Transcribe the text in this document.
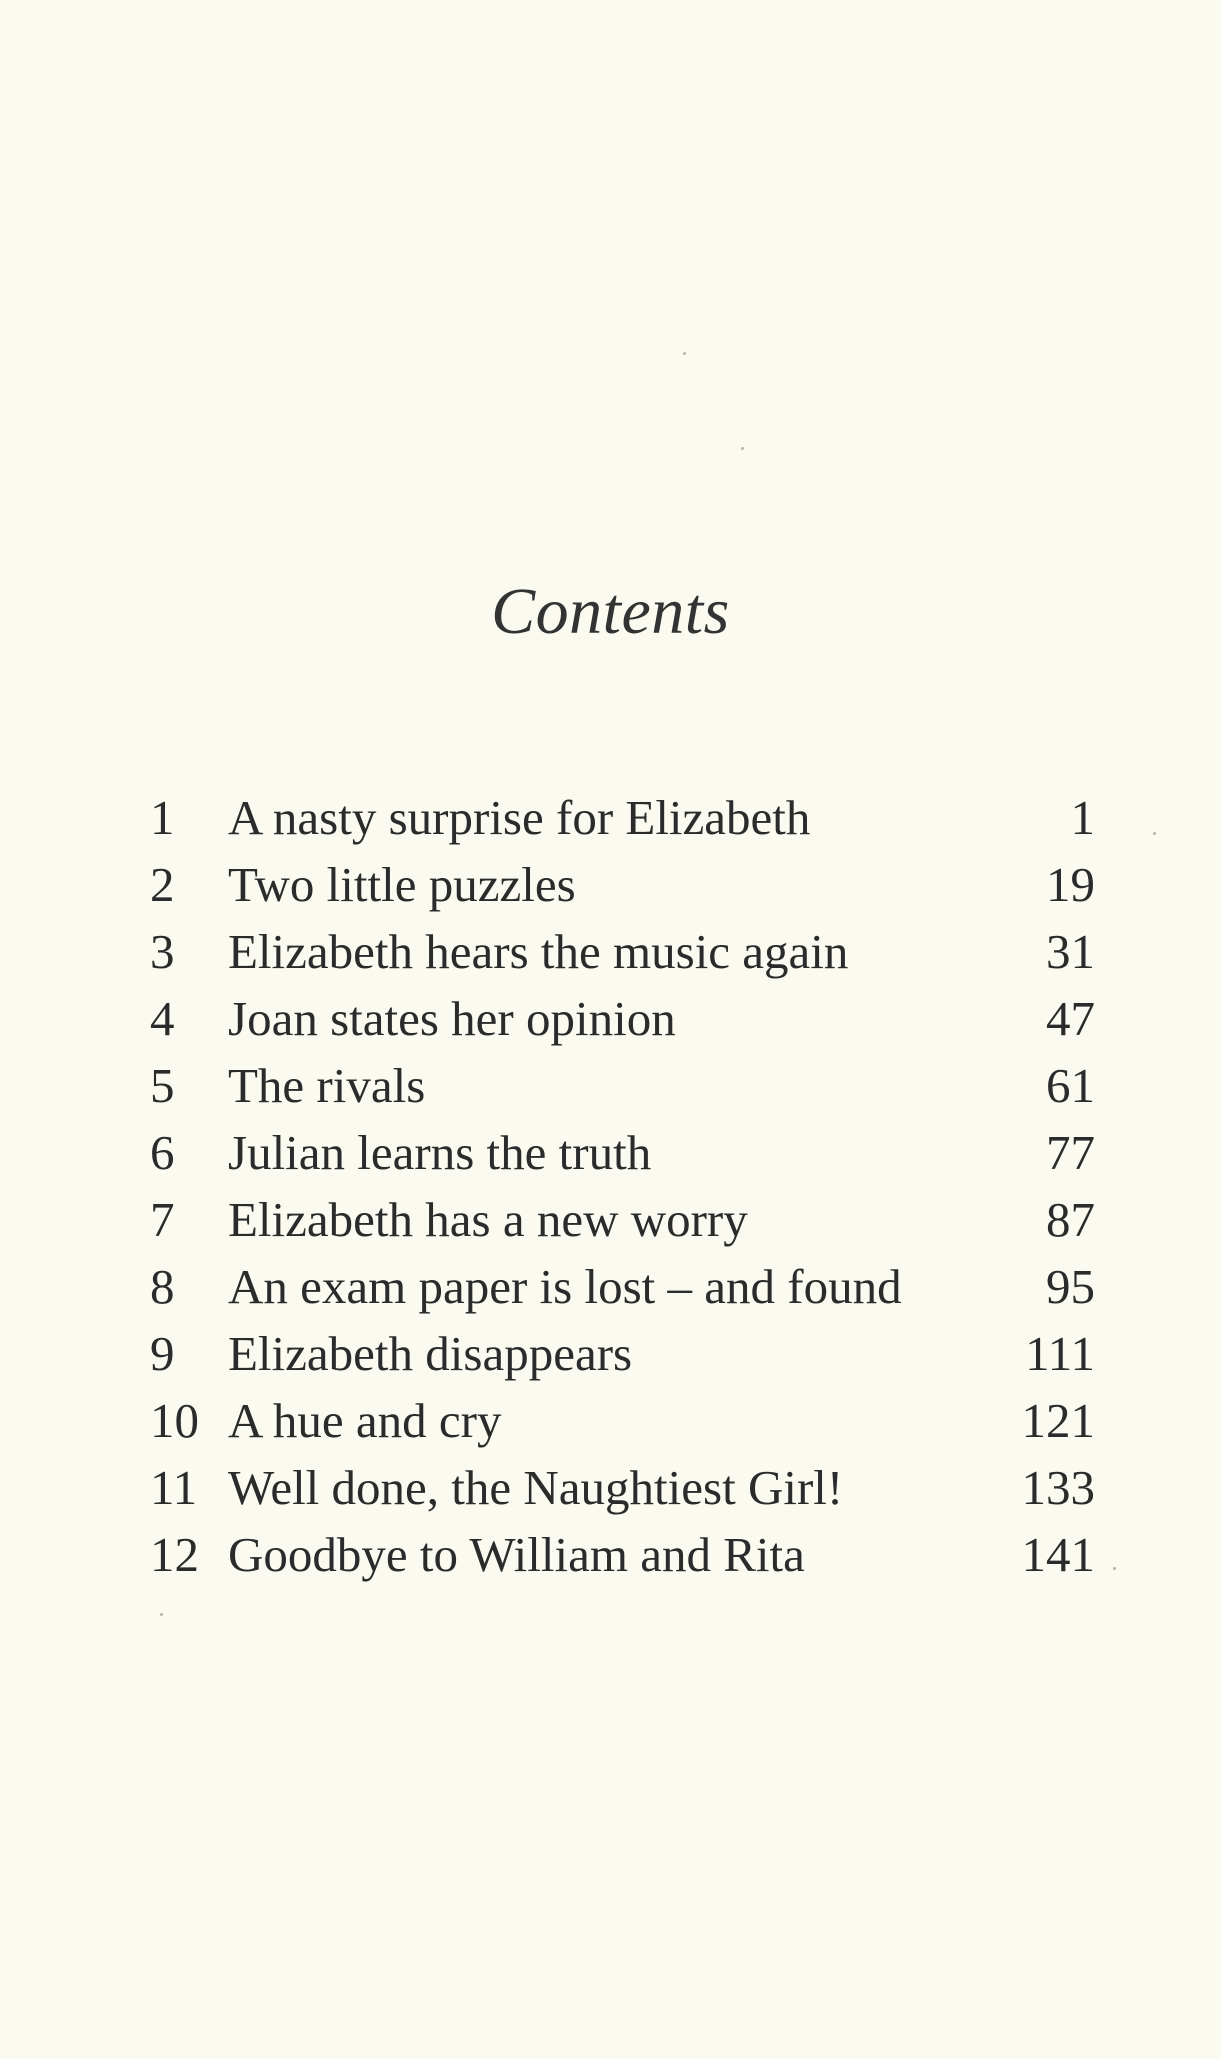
Contents
1	A nasty surprise for Elizabeth	1
2	Two little puzzles	19
3	Elizabeth hears the music again	31
4	Joan states her opinion	47
5	The rivals	61
6	Julian learns the truth	77
7	Elizabeth has a new worry	87
8	An exam paper is lost – and found	95
9	Elizabeth disappears	111
10 A hue and cry	121
11 Well done, the Naughtiest Girl!	133
12 Goodbye to William and Rita	141
